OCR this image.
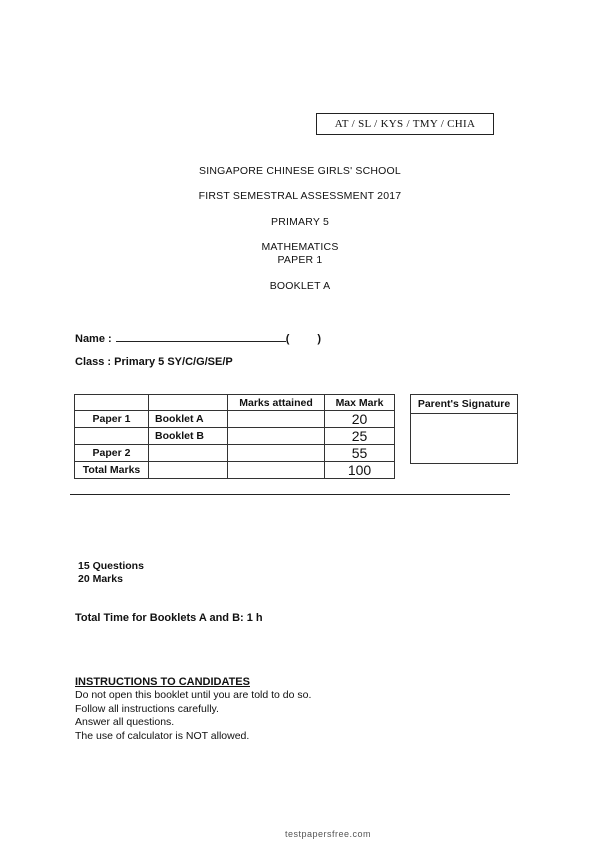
AT / SL / KYS / TMY / CHIA
SINGAPORE CHINESE GIRLS' SCHOOL
FIRST SEMESTRAL ASSESSMENT 2017
PRIMARY 5
MATHEMATICS
PAPER 1
BOOKLET A
Name :	(	)
Class : Primary 5 SY/C/G/SE/P
		Marks attained	Max Mark
Paper 1	Booklet A		20
	Booklet B		25
Paper 2			55
Total Marks			100
Parent's Signature
15 Questions
20 Marks
Total Time for Booklets A and B: 1 h
INSTRUCTIONS TO CANDIDATES
Do not open this booklet until you are told to do so.
Follow all instructions carefully.
Answer all questions.
The use of calculator is NOT allowed.
testpapersfree.com
